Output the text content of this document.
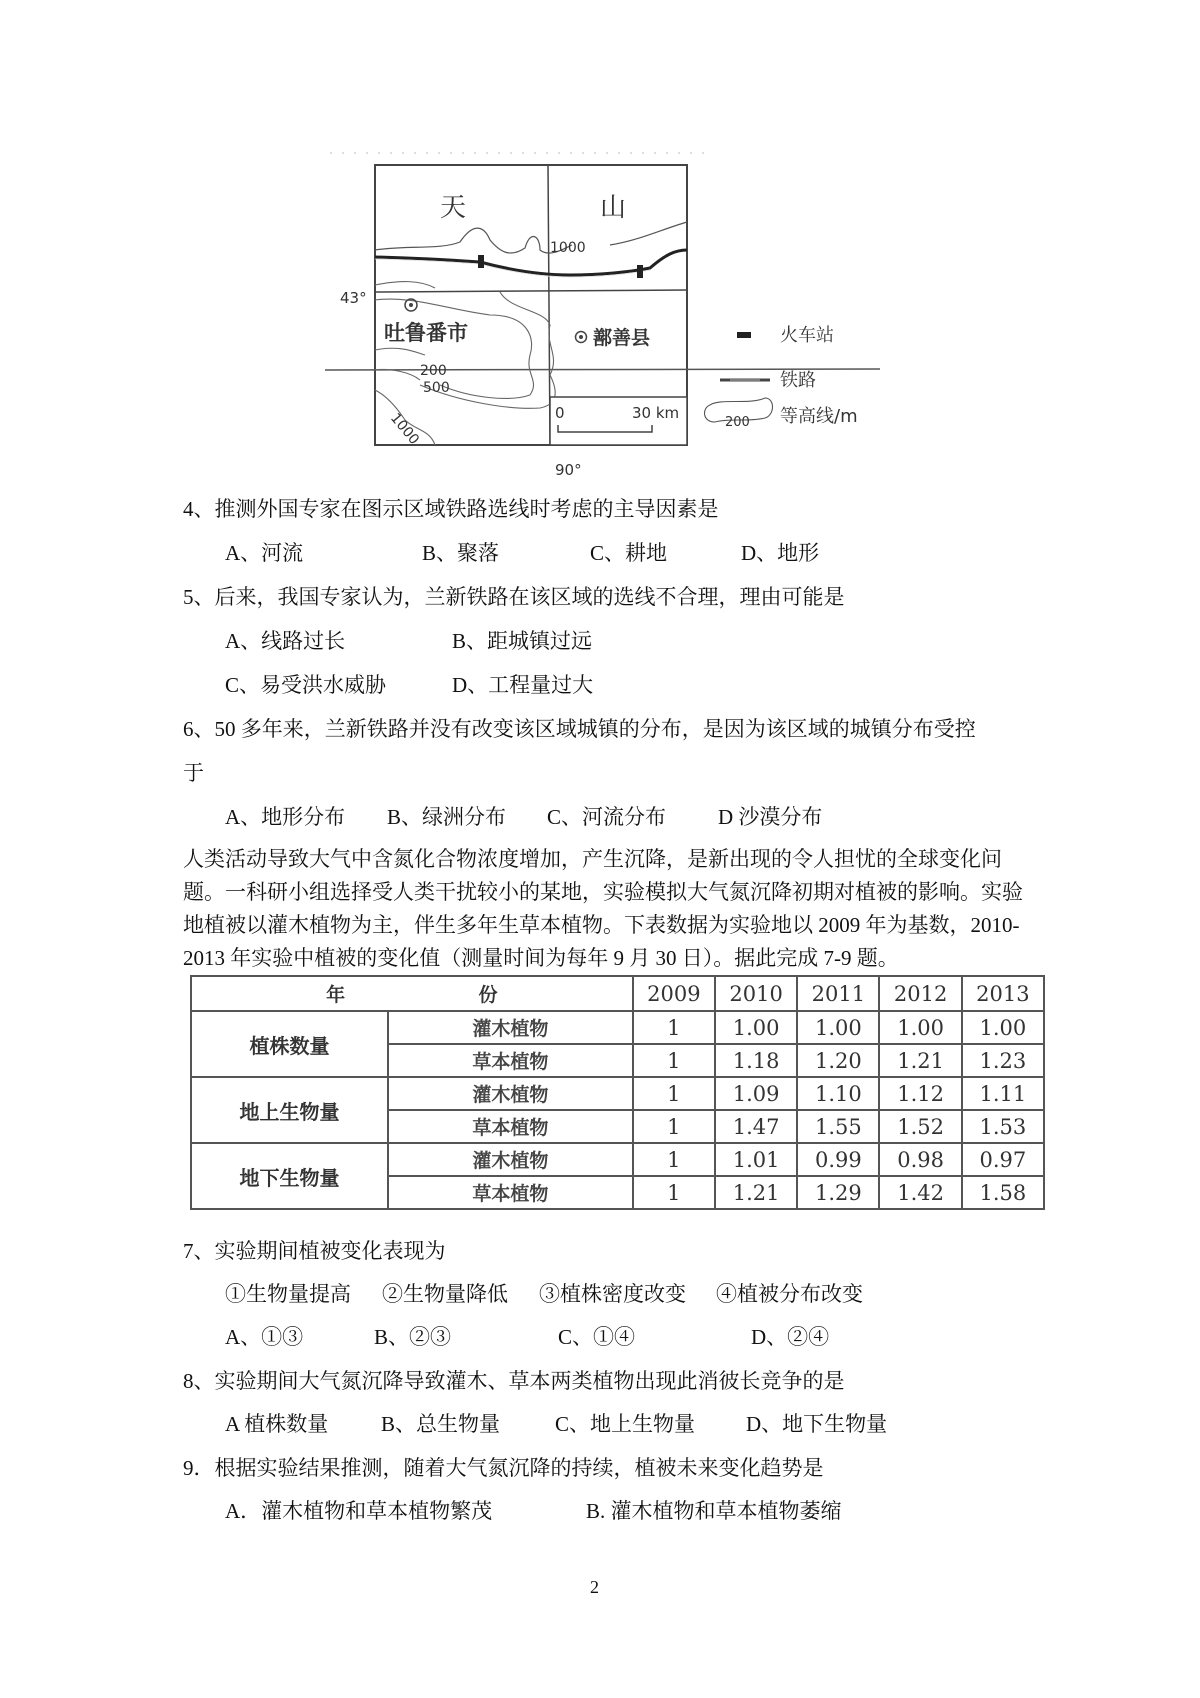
天	山
43°
吐鲁番市	鄯善县
1000
200
500
1000
90°
0	30 km
火车站
铁路
200 等高线/m
4、推测外国专家在图示区域铁路选线时考虑的主导因素是
A、河流	B、聚落	C、耕地	D、地形
5、后来，我国专家认为，兰新铁路在该区域的选线不合理，理由可能是
A、线路过长	B、距城镇过远
C、易受洪水威胁	D、工程量过大
6、50 多年来，兰新铁路并没有改变该区域城镇的分布，是因为该区域的城镇分布受控
于
A、地形分布 B、绿洲分布 C、河流分布 D 沙漠分布
人类活动导致大气中含氮化合物浓度增加，产生沉降，是新出现的令人担忧的全球变化问题。一科研小组选择受人类干扰较小的某地，实验模拟大气氮沉降初期对植被的影响。实验地植被以灌木植物为主，伴生多年生草本植物。下表数据为实验地以 2009 年为基数，2010-2013 年实验中植被的变化值（测量时间为每年 9 月 30 日）。据此完成 7-9 题。
年 份		2009	2010	2011	2012	2013
植株数量	灌木植物	1	1.00	1.00	1.00	1.00
	草本植物	1	1.18	1.20	1.21	1.23
地上生物量	灌木植物	1	1.09	1.10	1.12	1.11
	草本植物	1	1.47	1.55	1.52	1.53
地下生物量	灌木植物	1	1.01	0.99	0.98	0.97
	草本植物	1	1.21	1.29	1.42	1.58
7、实验期间植被变化表现为
①生物量提高 ②生物量降低 ③植株密度改变 ④植被分布改变
A、①③	B、②③	C、①④	D、②④
8、实验期间大气氮沉降导致灌木、草本两类植物出现此消彼长竞争的是
A 植株数量	B、总生物量	C、地上生物量 D、地下生物量
9．根据实验结果推测，随着大气氮沉降的持续，植被未来变化趋势是
A．灌木植物和草本植物繁茂	B. 灌木植物和草本植物萎缩
2
